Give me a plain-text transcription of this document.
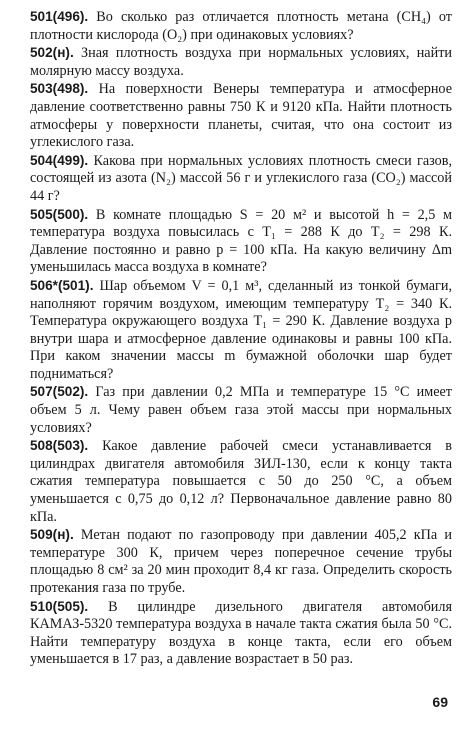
501(496). Во сколько раз отличается плотность метана (CH₄) от плотности кислорода (O₂) при одинаковых условиях?
502(н). Зная плотность воздуха при нормальных условиях, найти молярную массу воздуха.
503(498). На поверхности Венеры температура и атмосферное давление соответственно равны 750 К и 9120 кПа. Найти плотность атмосферы у поверхности планеты, считая, что она состоит из углекислого газа.
504(499). Какова при нормальных условиях плотность смеси газов, состоящей из азота (N₂) массой 56 г и углекислого газа (CO₂) массой 44 г?
505(500). В комнате площадью S = 20 м² и высотой h = 2,5 м температура воздуха повысилась с T₁ = 288 К до T₂ = 298 К. Давление постоянно и равно p = 100 кПа. На какую величину Δm уменьшилась масса воздуха в комнате?
506*(501). Шар объемом V = 0,1 м³, сделанный из тонкой бумаги, наполняют горячим воздухом, имеющим температуру T₂ = 340 К. Температура окружающего воздуха T₁ = 290 К. Давление воздуха p внутри шара и атмосферное давление одинаковы и равны 100 кПа. При каком значении массы m бумажной оболочки шар будет подниматься?
507(502). Газ при давлении 0,2 МПа и температуре 15 °С имеет объем 5 л. Чему равен объем газа этой массы при нормальных условиях?
508(503). Какое давление рабочей смеси устанавливается в цилиндрах двигателя автомобиля ЗИЛ-130, если к концу такта сжатия температура повышается с 50 до 250 °С, а объем уменьшается с 0,75 до 0,12 л? Первоначальное давление равно 80 кПа.
509(н). Метан подают по газопроводу при давлении 405,2 кПа и температуре 300 К, причем через поперечное сечение трубы площадью 8 см² за 20 мин проходит 8,4 кг газа. Определить скорость протекания газа по трубе.
510(505). В цилиндре дизельного двигателя автомобиля КАМАЗ-5320 температура воздуха в начале такта сжатия была 50 °С. Найти температуру воздуха в конце такта, если его объем уменьшается в 17 раз, а давление возрастает в 50 раз.
69
